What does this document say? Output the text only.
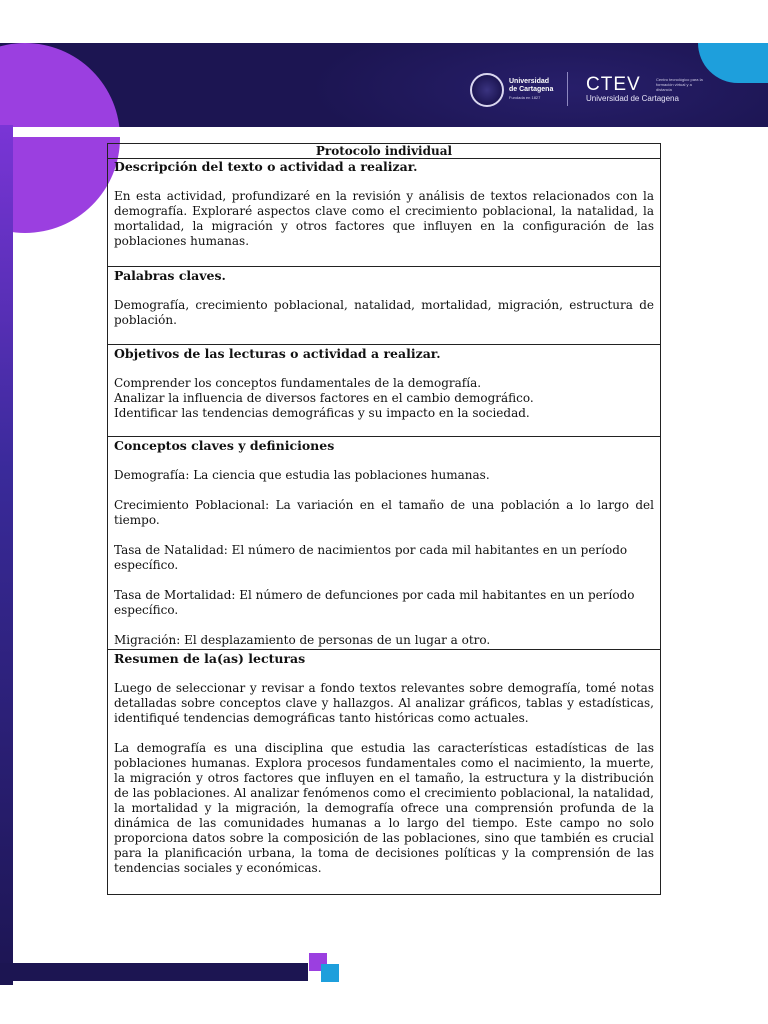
Universidad
de Cartagena
Fundada en 1827
CTEV
Universidad de Cartagena
Centro tecnológico para la formación virtual y a distancia
Protocolo individual
Descripción del texto o actividad a realizar.

En esta actividad, profundizaré en la revisión y análisis de textos relacionados con la demografía. Exploraré aspectos clave como el crecimiento poblacional, la natalidad, la mortalidad, la migración y otros factores que influyen en la configuración de las poblaciones humanas.

Palabras claves.

Demografía, crecimiento poblacional, natalidad, mortalidad, migración, estructura de población.

Objetivos de las lecturas o actividad a realizar.

Comprender los conceptos fundamentales de la demografía.

Analizar la influencia de diversos factores en el cambio demográfico.

Identificar las tendencias demográficas y su impacto en la sociedad.

Conceptos claves y definiciones

Demografía: La ciencia que estudia las poblaciones humanas.

Crecimiento Poblacional: La variación en el tamaño de una población a lo largo del tiempo.

Tasa de Natalidad: El número de nacimientos por cada mil habitantes en un período específico.

Tasa de Mortalidad: El número de defunciones por cada mil habitantes en un período específico.

Migración: El desplazamiento de personas de un lugar a otro.

Resumen de la(as) lecturas

Luego de seleccionar y revisar a fondo textos relevantes sobre demografía, tomé notas detalladas sobre conceptos clave y hallazgos. Al analizar gráficos, tablas y estadísticas, identifiqué tendencias demográficas tanto históricas como actuales.

La demografía es una disciplina que estudia las características estadísticas de las poblaciones humanas. Explora procesos fundamentales como el nacimiento, la muerte, la migración y otros factores que influyen en el tamaño, la estructura y la distribución de las poblaciones. Al analizar fenómenos como el crecimiento poblacional, la natalidad, la mortalidad y la migración, la demografía ofrece una comprensión profunda de la dinámica de las comunidades humanas a lo largo del tiempo. Este campo no solo proporciona datos sobre la composición de las poblaciones, sino que también es crucial para la planificación urbana, la toma de decisiones políticas y la comprensión de las tendencias sociales y económicas.
